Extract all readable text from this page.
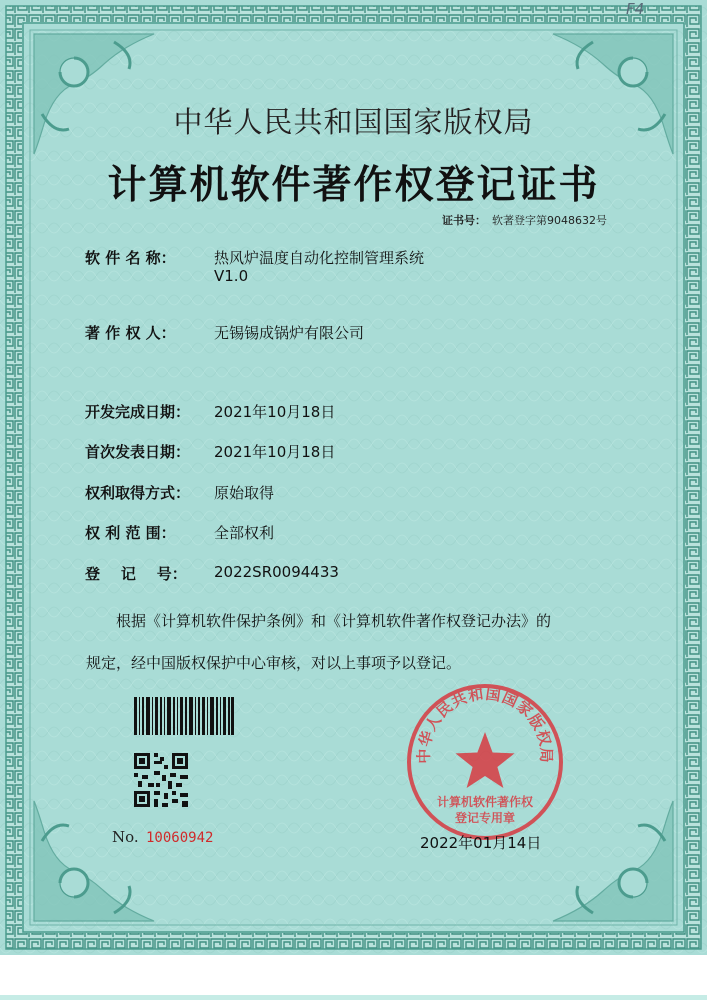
F4
中华人民共和国国家版权局
计算机软件著作权登记证书
证书号： 软著登字第9048632号
软 件 名 称：	热风炉温度自动化控制管理系统
V1.0
著 作 权 人：	无锡锡成锅炉有限公司
开发完成日期： 2021年10月18日
首次发表日期： 2021年10月18日
权利取得方式： 原始取得
权 利 范 围：	全部权利
登    记    号： 2022SR0094433
根据《计算机软件保护条例》和《计算机软件著作权登记办法》的
规定，经中国版权保护中心审核，对以上事项予以登记。
No. 10060942
中华人民共和国国家版权局
计算机软件著作权
登记专用章
2022年01月14日
